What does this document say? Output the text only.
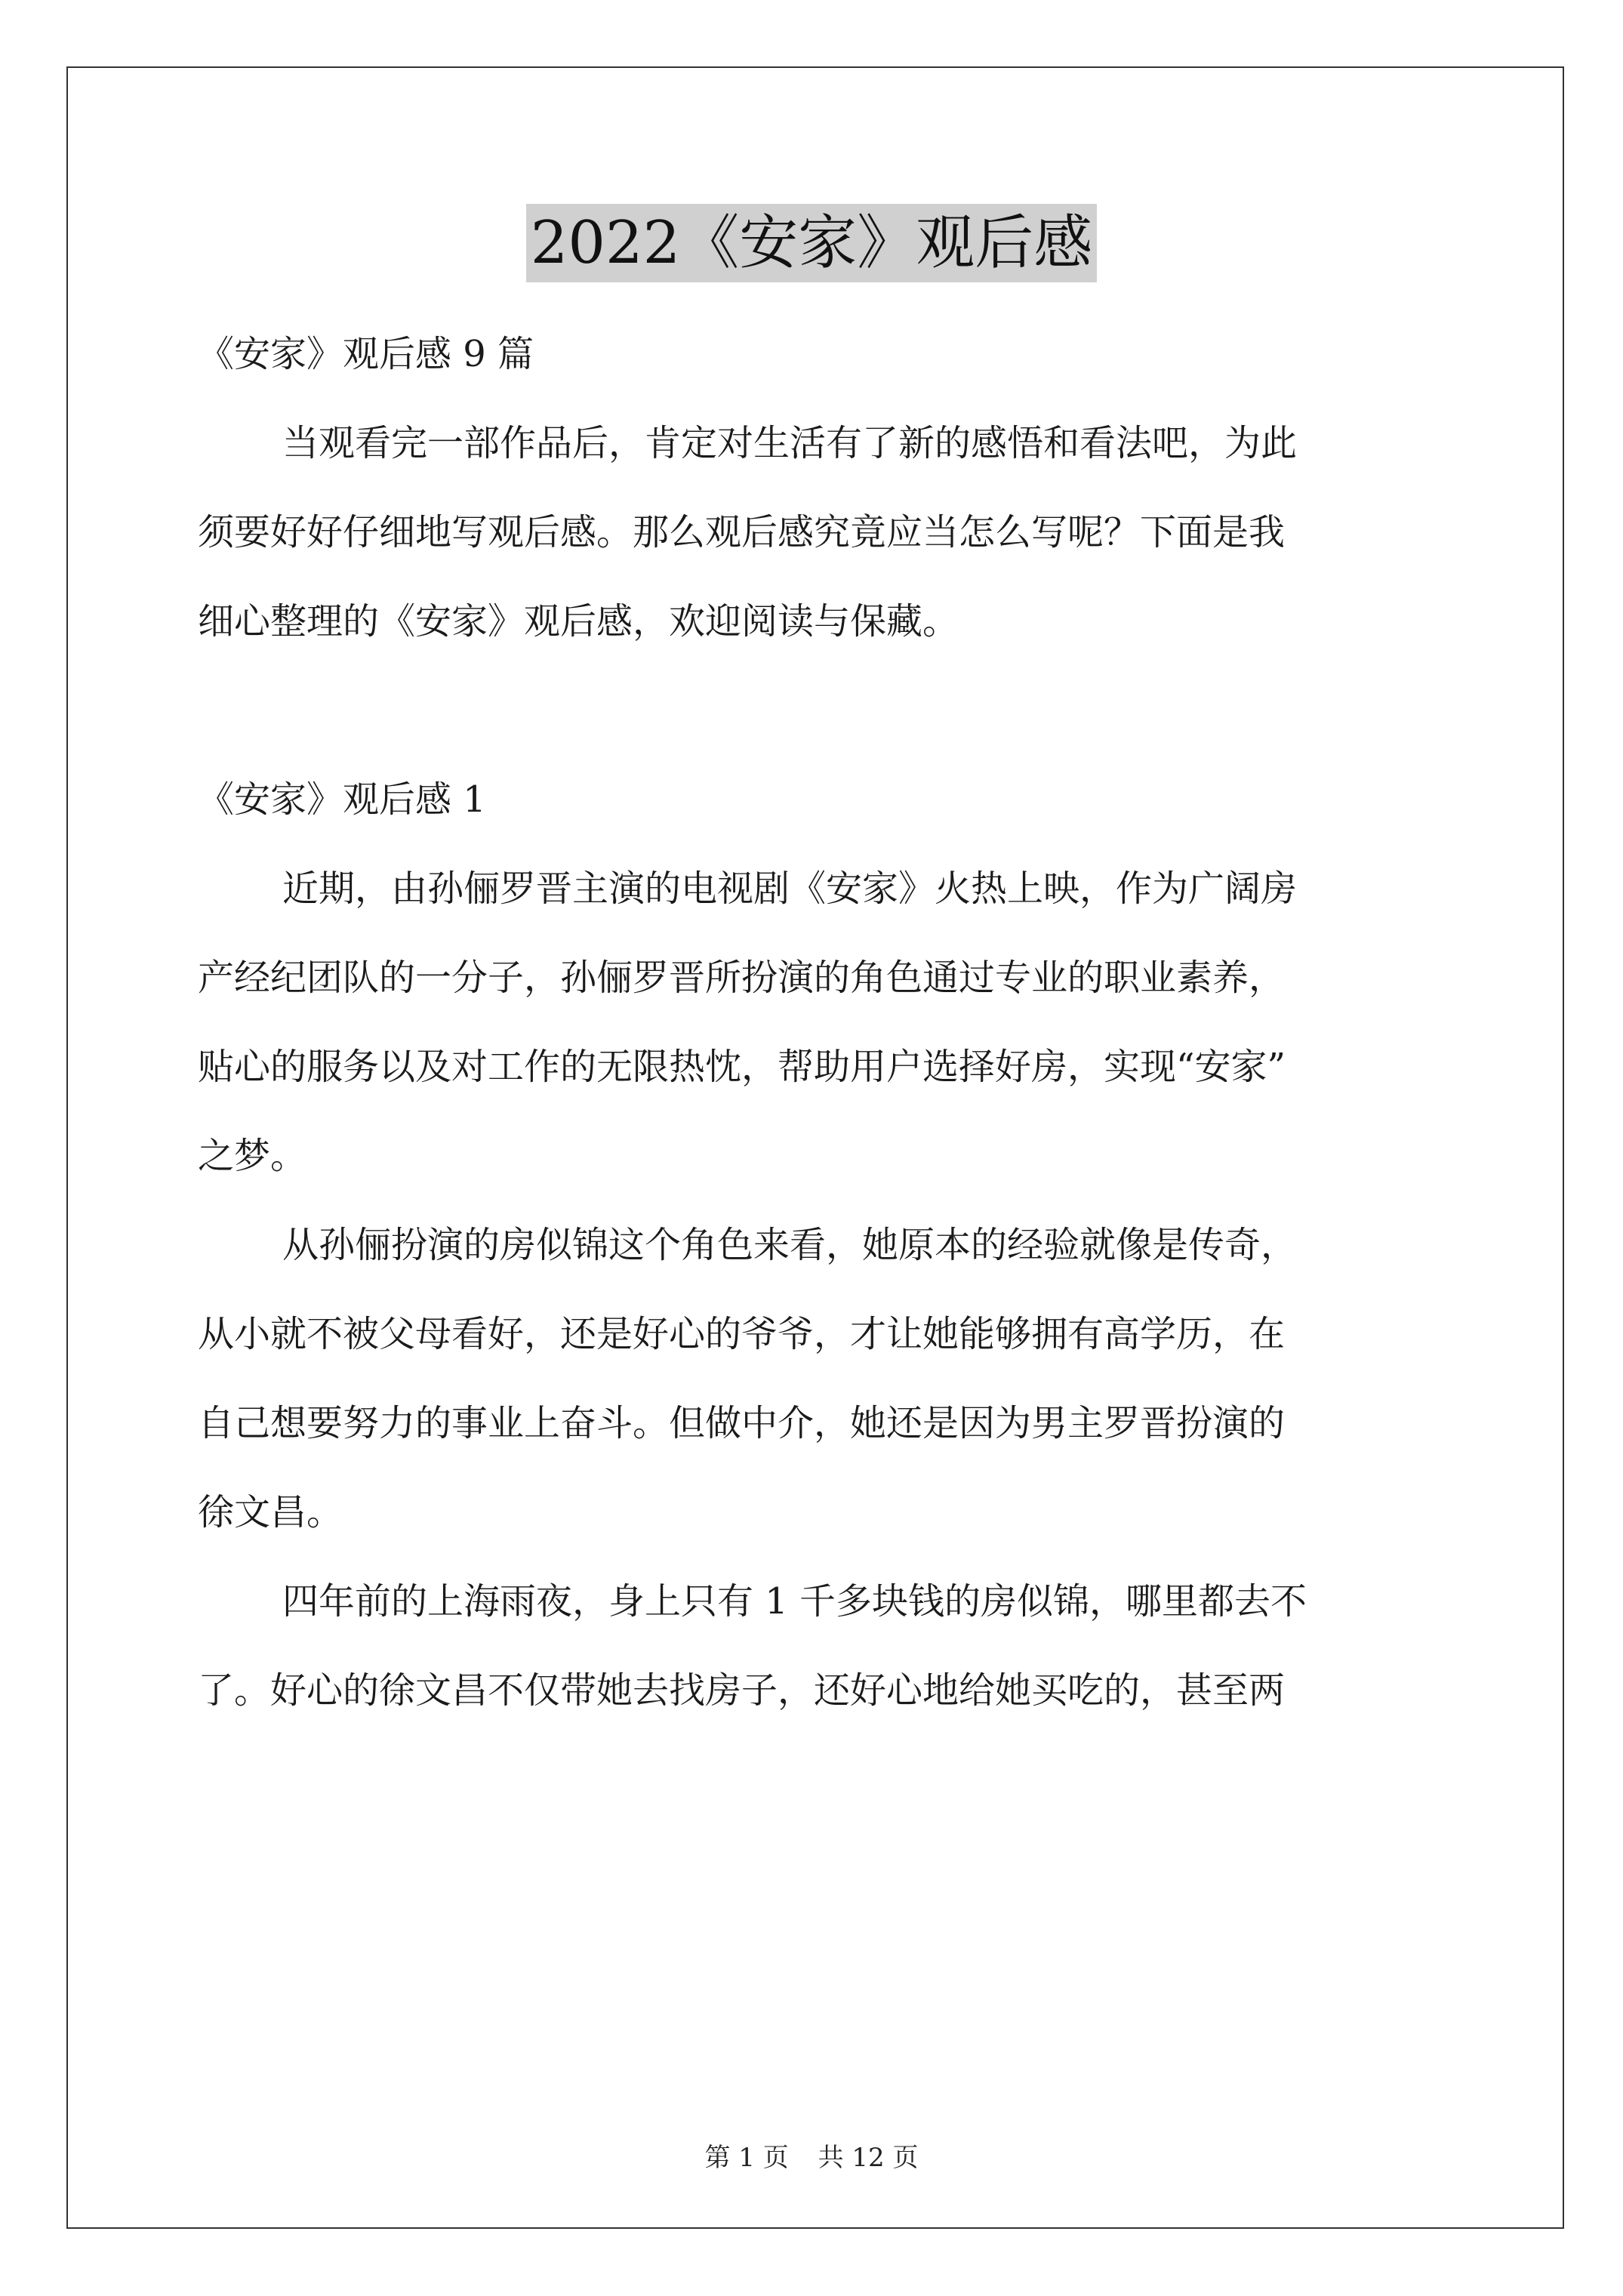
2022《安家》观后感
《安家》观后感 9 篇
当观看完一部作品后，肯定对生活有了新的感悟和看法吧，为此
须要好好仔细地写观后感。那么观后感究竟应当怎么写呢？下面是我
细心整理的《安家》观后感，欢迎阅读与保藏。
《安家》观后感 1
近期，由孙俪罗晋主演的电视剧《安家》火热上映，作为广阔房
产经纪团队的一分子，孙俪罗晋所扮演的角色通过专业的职业素养，
贴心的服务以及对工作的无限热忱，帮助用户选择好房，实现“安家”
之梦。
从孙俪扮演的房似锦这个角色来看，她原本的经验就像是传奇，
从小就不被父母看好，还是好心的爷爷，才让她能够拥有高学历，在
自己想要努力的事业上奋斗。但做中介，她还是因为男主罗晋扮演的
徐文昌。
四年前的上海雨夜，身上只有 1 千多块钱的房似锦，哪里都去不
了。好心的徐文昌不仅带她去找房子，还好心地给她买吃的，甚至两
第 1 页 共 12 页
